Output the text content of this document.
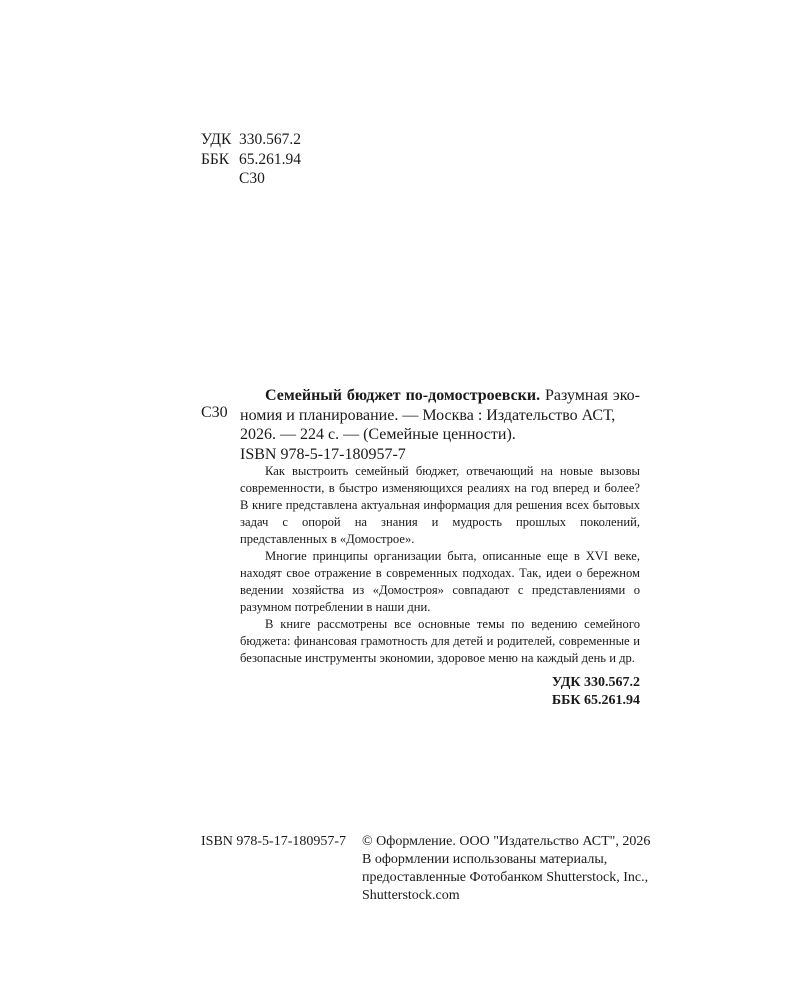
УДК 330.567.2
ББК 65.261.94
С30
С30

Семейный бюджет по-домостроевски. Разумная эко-

номия и планирование. — Москва : Издательство АСТ,

2026. — 224 с. — (Семейные ценности).

ISBN 978-5-17-180957-7

Как выстроить семейный бюджет, отвечающий на новые вызовы современности, в быстро изменяющихся реалиях на год вперед и более? В книге представлена актуальная информация для решения всех бытовых задач с опорой на знания и мудрость прошлых поколений, представленных в «Домострое».

Многие принципы организации быта, описанные еще в XVI веке, находят свое отражение в современных подходах. Так, идеи о бережном ведении хозяйства из «Домостроя» совпадают с представлениями о разумном потреблении в наши дни.

В книге рассмотрены все основные темы по ведению семейного бюджета: финансовая грамотность для детей и родителей, современные и безопасные инструменты экономии, здоровое меню на каждый день и др.

УДК 330.567.2
ББК 65.261.94
ISBN 978-5-17-180957-7 © Оформление. ООО "Издательство АСТ", 2026
В оформлении использованы материалы,
предоставленные Фотобанком Shutterstock, Inc.,
Shutterstock.com
